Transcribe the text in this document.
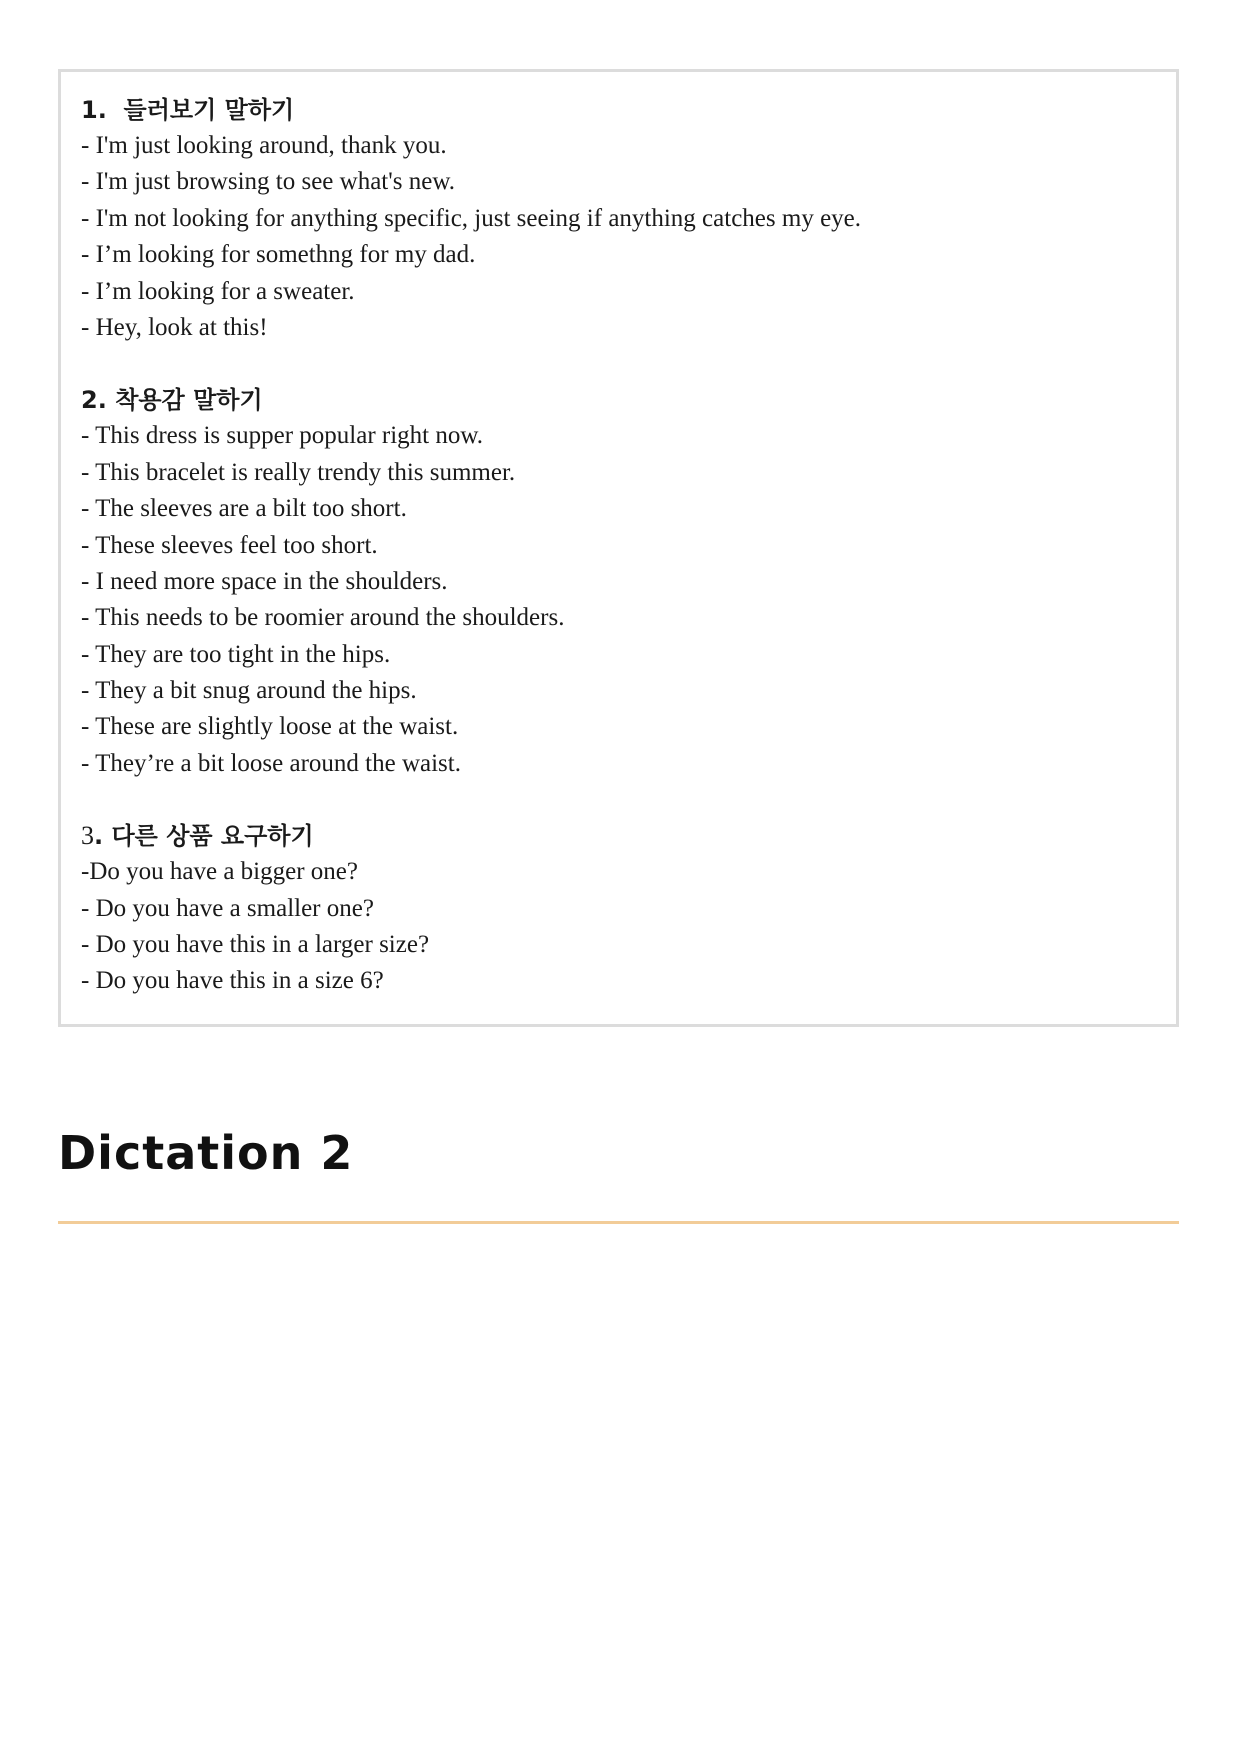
1. 들러보기 말하기

- I'm just looking around, thank you.
- I'm just browsing to see what's new.
- I'm not looking for anything specific, just seeing if anything catches my eye.
- I’m looking for somethng for my dad.
- I’m looking for a sweater.
- Hey, look at this!

2. 착용감 말하기

- This dress is supper popular right now.
- This bracelet is really trendy this summer.
- The sleeves are a bilt too short.
- These sleeves feel too short.
- I need more space in the shoulders.
- This needs to be roomier around the shoulders.
- They are too tight in the hips.
- They a bit snug around the hips.
- These are slightly loose at the waist.
- They’re a bit loose around the waist.

3. 다른 상품 요구하기

-Do you have a bigger one?
- Do you have a smaller one?
- Do you have this in a larger size?
- Do you have this in a size 6?
Dictation 2
